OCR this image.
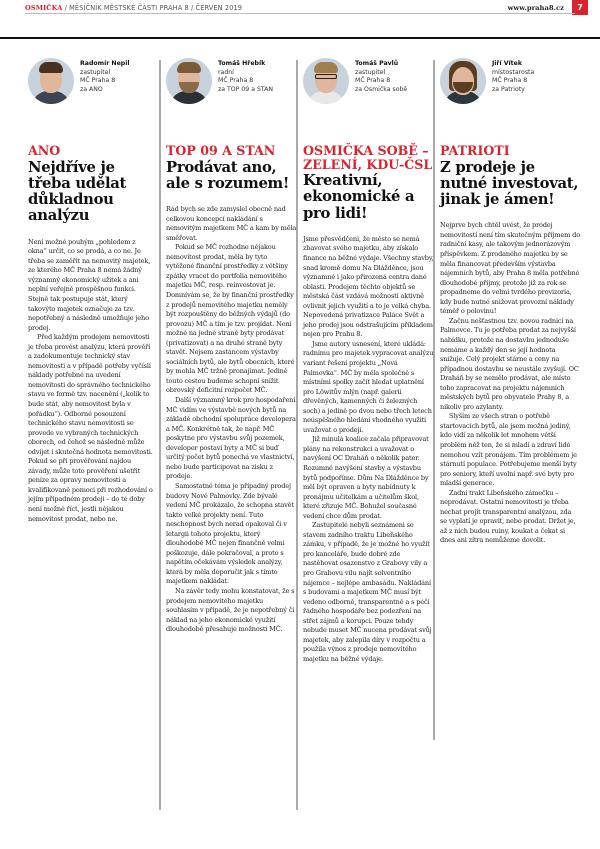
OSMIČKA / MĚSÍČNÍK MĚSTSKÉ ČÁSTI PRAHA 8 / ČERVEN 2019	www.praha8.cz	7
Radomír Nepil
zastupitel
MČ Praha 8
za ANO
ANO
Nejdříve je třeba udělat důkladnou analýzu

Není možné pouhým „pohledem z okna“ určit, co se prodá, a co ne. Je třeba se zaměřit na nemovitý majetek, ze kterého MČ Praha 8 nemá žádný významný ekonomický užitek a ani neplní veřejně prospěšnou funkci. Stejně tak postupuje stát, který takovýto majetek označuje za tzv. nepotřebný a následně umožňuje jeho prodej.

Před každým prodejem nemovitosti je třeba provést analýzu, která prověří a zadokumentuje technický stav nemovitosti a v případě potřeby vyčíslí náklady potřebné na uvedení nemovitosti do správného technického stavu ve formě tzv. nacenění („kolik to bude stát, aby nemovitost byla v pořádku“). Odborné posouzení technického stavu nemovitosti se provede ve vybraných technických oborech, od čehož se následně může odvíjet i skutečná hodnota nemovitosti. Pokud se při prověřování najdou závady, může toto prověření ušetřit peníze za opravy nemovitosti a kvalifikovaně pomoci při rozhodování o jejím případném prodeji – do té doby není možné říct, jestli nějakou nemovitost prodat, nebo ne.

Tomáš Hřebík
radní
MČ Praha 8
za TOP 09 a STAN
TOP 09 A STAN
Prodávat ano, ale s rozumem!

Rád bych se zde zamyslel obecně nad celkovou koncepcí nakládání s nemovitým majetkem MČ a kam by měla směřovat.

Pokud se MČ rozhodne nějakou nemovitost prodat, měla by tyto vytěžené finanční prostředky z většiny zpátky vracet do portfolia nemovitého majetku MČ, resp. reinvestovat je. Domnívám se, že by finanční prostředky z prodejů nemovitého majetku neměly být rozpouštěny do běžných výdajů (do provozu) MČ a tím je tzv. projídat. Není možné na jedné straně byty prodávat (privatizovat) a na druhé straně byty stavět. Nejsem zastáncem výstavby sociálních bytů, ale bytů obecních, které by mohla MČ tržně pronajímat. Jedině touto cestou budeme schopni snížit obrovský deficitní rozpočet MČ.

Další významný krok pro hospodaření MČ vidím ve výstavbě nových bytů na základě obchodní spolupráce developera a MČ. Konkrétně tak, že např. MČ poskytne pro výstavbu svůj pozemek, developer postaví byty a MČ si buď určitý počet bytů ponechá ve vlastnictví, nebo bude participovat na zisku z prodeje.

Samostatné téma je případný prodej budovy Nové Palmovky. Zde bývalé vedení MČ prokázalo, že schopna stavět takto velké projekty není. Tuto neschopnost bych nerad opakoval či v letargii tohoto projektu, který dlouhodobě MČ nejen finančně velmi poškozuje, dále pokračoval, a proto s napětím očekávám výsledek analýzy, která by měla doporučit jak s tímto majetkem nakládat.

Na závěr tedy mohu konstatovat, že s prodejem nemovitého majetku souhlasím v případě, že je nepotřebný či náklad na jeho ekonomické využití dlouhodobě přesahuje možnosti MČ.

Tomáš Pavlů
zastupitel
MČ Praha 8
za Osmička sobě
OSMIČKA SOBĚ – ZELENÍ, KDU-ČSL
Kreativní, ekonomické a pro lidi!

Jsme přesvědčeni, že město se nemá zbavovat svého majetku, aby získalo finance na běžné výdaje. Všechny stavby, snad kromě domu Na Dlážděnce, jsou významné i jako přirozená centra dané oblasti. Prodejem těchto objektů se městská část vzdává možnosti aktivně ovlivnit jejich využití a to je velká chyba. Nepovedená privatizace Paláce Svět a jeho prodej jsou odstrašujícím příkladem nejen pro Prahu 8.

Jsme autory usnesení, které ukládá: radnímu pro majetek vypracovat analýzu variant řešení projektu „Nová Palmovka“. MČ by měla společně s místními spolky začít hledat uplatnění pro Löwitův mlýn (např. galerii dřevěných, kamenných či železných soch) a jedině po dvou nebo třech letech neúspěšného hledání vhodného využití uvažovat o prodeji.

Již minulá koalice začala připravovat plány na rekonstrukci a uvažovat o navýšení OC Draháň o několik pater. Rozumné navýšení stavby a výstavbu bytů podpoříme. Dům Na Dlážděnce by měl být opraven a byty nabídnuty k pronájmu učitelkám a učitelům škol, které zřizuje MČ. Bohužel současné vedení chce dům prodat.

Zastupitelé nebyli seznámeni se stavem zadního traktu Libeňského zámku, v případě, že je možné ho využít pro kanceláře, bude dobré zde nastěhovat osazenstvo z Grabovy vily a pro Grabovu vilu najít solventního nájemce – nejlépe ambasádu. Nakládání s budovami a majetkem MČ musí být vedeno odborně, transparentně a s péčí řádného hospodáře bez podezření na střet zájmů a korupci. Pouze tehdy nebude muset MČ nucena prodávat svůj majetek, aby zalepila díry v rozpočtu a použila výnos z prodeje nemovitého majetku na běžné výdaje.

Jiří Vítek
místostarosta
MČ Praha 8
za Patrioty
PATRIOTI
Z prodeje je nutné investovat, jinak je ámen!

Nejprve bych chtěl uvést, že prodej nemovitostí není tím skutečným příjmem do radniční kasy, ale takovým jednorázovým příspěvkem. Z prodaného majetku by se měla financovat především výstavba nájemních bytů, aby Praha 8 měla potřebné dlouhodobé příjmy, protože již za rok se propadneme do velmi tvrdého provizoria, kdy bude nutné snižovat provozní náklady téměř o polovinu!

Začnu nešťastnou tzv. novou radnicí na Palmovce. Tu je potřeba prodat za nejvyšší nabídku, protože na dostavbu jednoduše nemáme a každý den se její hodnota snižuje. Celý projekt stárne a ceny na případnou dostavbu se neustále zvyšují. OC Draháň by se nemělo prodávat, ale místo toho zapracovat na projektu nájemních městských bytů pro obyvatele Prahy 8, a nikoliv pro azylanty.

Slyším ze všech stran o potřebě startovacích bytů, ale jsem možná jediný, kdo vidí za několik let mnohem větší problém něž ten, že si mladí a zdraví lidé nemohou vzít pronájem. Tím problémem je stárnutí populace. Potřebujeme menší byty pro seniory, kteří uvolní např. své byty pro mladší generace.

Zadní trakt Libeňského zámečku – neprodávat. Ostatní nemovitosti je třeba nechat projít transparentní analýzou, zda se vyplatí je opravit, nebo prodat. Držet je, až z nich budou ruiny, koukat a čekat si dnes ani zítra nemůžeme dovolit.
